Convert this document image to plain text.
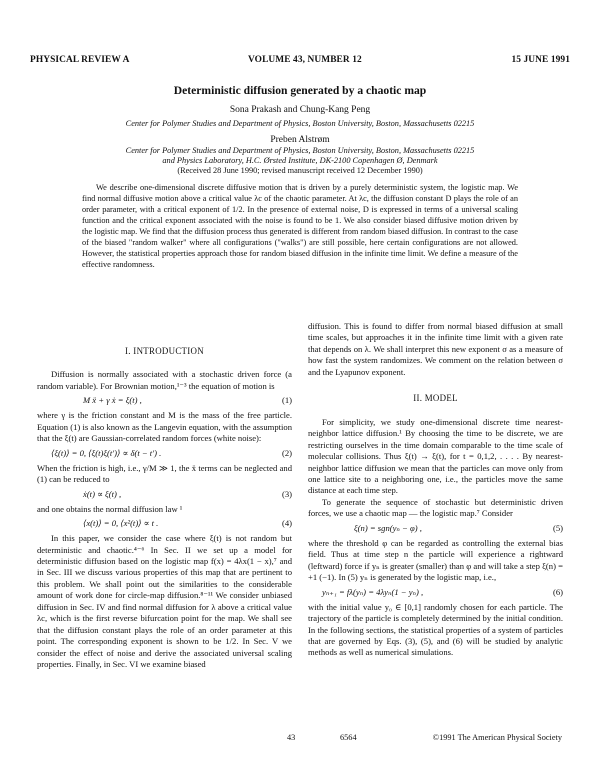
PHYSICAL REVIEW A	VOLUME 43, NUMBER 12	15 JUNE 1991
Deterministic diffusion generated by a chaotic map
Sona Prakash and Chung-Kang Peng
Center for Polymer Studies and Department of Physics, Boston University, Boston, Massachusetts 02215
Preben Alstrøm
Center for Polymer Studies and Department of Physics, Boston University, Boston, Massachusetts 02215
and Physics Laboratory, H.C. Ørsted Institute, DK-2100 Copenhagen Ø, Denmark
(Received 28 June 1990; revised manuscript received 12 December 1990)
We describe one-dimensional discrete diffusive motion that is driven by a purely deterministic system, the logistic map. We find normal diffusive motion above a critical value λc of the chaotic parameter. At λc, the diffusion constant D plays the role of an order parameter, with a critical exponent of 1/2. In the presence of external noise, D is expressed in terms of a universal scaling function and the critical exponent associated with the noise is found to be 1. We also consider biased diffusive motion driven by the logistic map. We find that the diffusion process thus generated is different from random biased diffusion. In contrast to the case of the biased "random walker" where all configurations ("walks") are still possible, here certain configurations are not allowed. However, the statistical properties approach those for random biased diffusion in the infinite time limit. We define a measure of the effective randomness.

I. INTRODUCTION

Diffusion is normally associated with a stochastic driven force (a random variable). For Brownian motion,¹⁻³ the equation of motion is

M ẍ + γ ẋ = ξ(t) ,	(1)

where γ is the friction constant and M is the mass of the free particle. Equation (1) is also known as the Langevin equation, with the assumption that the ξ(t) are Gaussian-correlated random forces (white noise):

⟨ξ(t)⟩ = 0, ⟨ξ(t)ξ(t′)⟩ ∝ δ(t − t′) .	(2)

When the friction is high, i.e., γ/M ≫ 1, the ẍ terms can be neglected and (1) can be reduced to

ẋ(t) ∝ ξ(t) ,	(3)

and one obtains the normal diffusion law ¹

⟨x(t)⟩ = 0, ⟨x²(t)⟩ ∝ t .	(4)

In this paper, we consider the case where ξ(t) is not random but deterministic and chaotic.⁴⁻⁶ In Sec. II we set up a model for deterministic diffusion based on the logistic map f(x) = 4λx(1 − x),⁷ and in Sec. III we discuss various properties of this map that are pertinent to this problem. We shall point out the similarities to the considerable amount of work done for circle-map diffusion.⁸⁻¹¹ We consider unbiased diffusion in Sec. IV and find normal diffusion for λ above a critical value λc, which is the first reverse bifurcation point for the map. We shall see that the diffusion constant plays the role of an order parameter at this point. The corresponding exponent is shown to be 1/2. In Sec. V we consider the effect of noise and derive the associated universal scaling properties. Finally, in Sec. VI we examine biased

diffusion. This is found to differ from normal biased diffusion at small time scales, but approaches it in the infinite time limit with a given rate that depends on λ. We shall interpret this new exponent σ as a measure of how fast the system randomizes. We comment on the relation between σ and the Lyapunov exponent.

II. MODEL

For simplicity, we study one-dimensional discrete time nearest-neighbor lattice diffusion.¹ By choosing the time to be discrete, we are restricting ourselves in the time domain comparable to the time scale of molecular collisions. Thus ξ(t) → ξ(t), for t = 0,1,2, . . . . By nearest-neighbor lattice diffusion we mean that the particles can move only from one lattice site to a neighboring one, i.e., the particles move the same distance at each time step.

To generate the sequence of stochastic but deterministic driven forces, we use a chaotic map — the logistic map.⁷ Consider

ξ(n) = sgn(yₙ − φ) ,	(5)

where the threshold φ can be regarded as controlling the external bias field. Thus at time step n the particle will experience a rightward (leftward) force if yₙ is greater (smaller) than φ and will take a step ξ(n) = +1 (−1). In (5) yₙ is generated by the logistic map, i.e.,

yₙ₊₁ = fλ(yₙ) = 4λyₙ(1 − yₙ) ,	(6)

with the initial value y₀ ∈ [0,1] randomly chosen for each particle. The trajectory of the particle is completely determined by the initial condition. In the following sections, the statistical properties of a system of particles that are governed by Eqs. (3), (5), and (6) will be studied by analytic methods as well as numerical simulations.

43	6564	©1991 The American Physical Society
